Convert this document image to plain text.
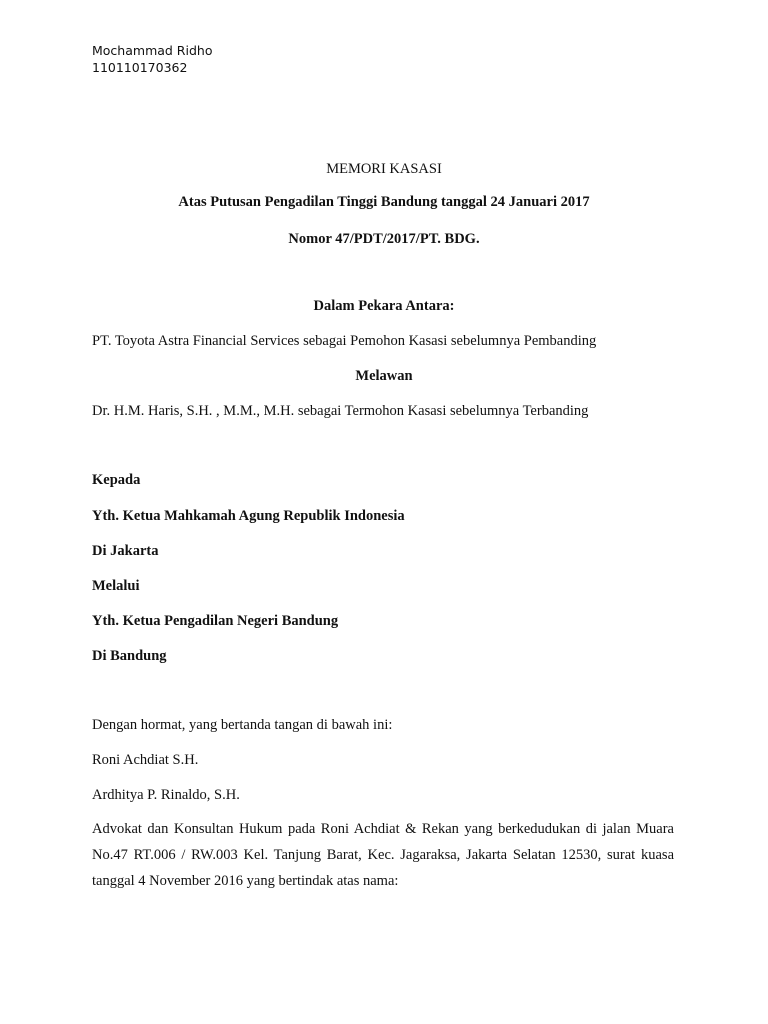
Mochammad Ridho
110110170362
MEMORI KASASI
Atas Putusan Pengadilan Tinggi Bandung tanggal 24 Januari 2017
Nomor 47/PDT/2017/PT. BDG.
Dalam Pekara Antara:
PT. Toyota Astra Financial Services sebagai Pemohon Kasasi sebelumnya Pembanding
Melawan
Dr. H.M. Haris, S.H. , M.M., M.H. sebagai Termohon Kasasi sebelumnya Terbanding
Kepada
Yth. Ketua Mahkamah Agung Republik Indonesia
Di Jakarta
Melalui
Yth. Ketua Pengadilan Negeri Bandung
Di Bandung
Dengan hormat, yang bertanda tangan di bawah ini:
Roni Achdiat S.H.
Ardhitya P. Rinaldo, S.H.
Advokat dan Konsultan Hukum pada Roni Achdiat & Rekan yang berkedudukan di jalan Muara No.47 RT.006 / RW.003 Kel. Tanjung Barat, Kec. Jagaraksa, Jakarta Selatan 12530, surat kuasa tanggal 4 November 2016 yang bertindak atas nama:
